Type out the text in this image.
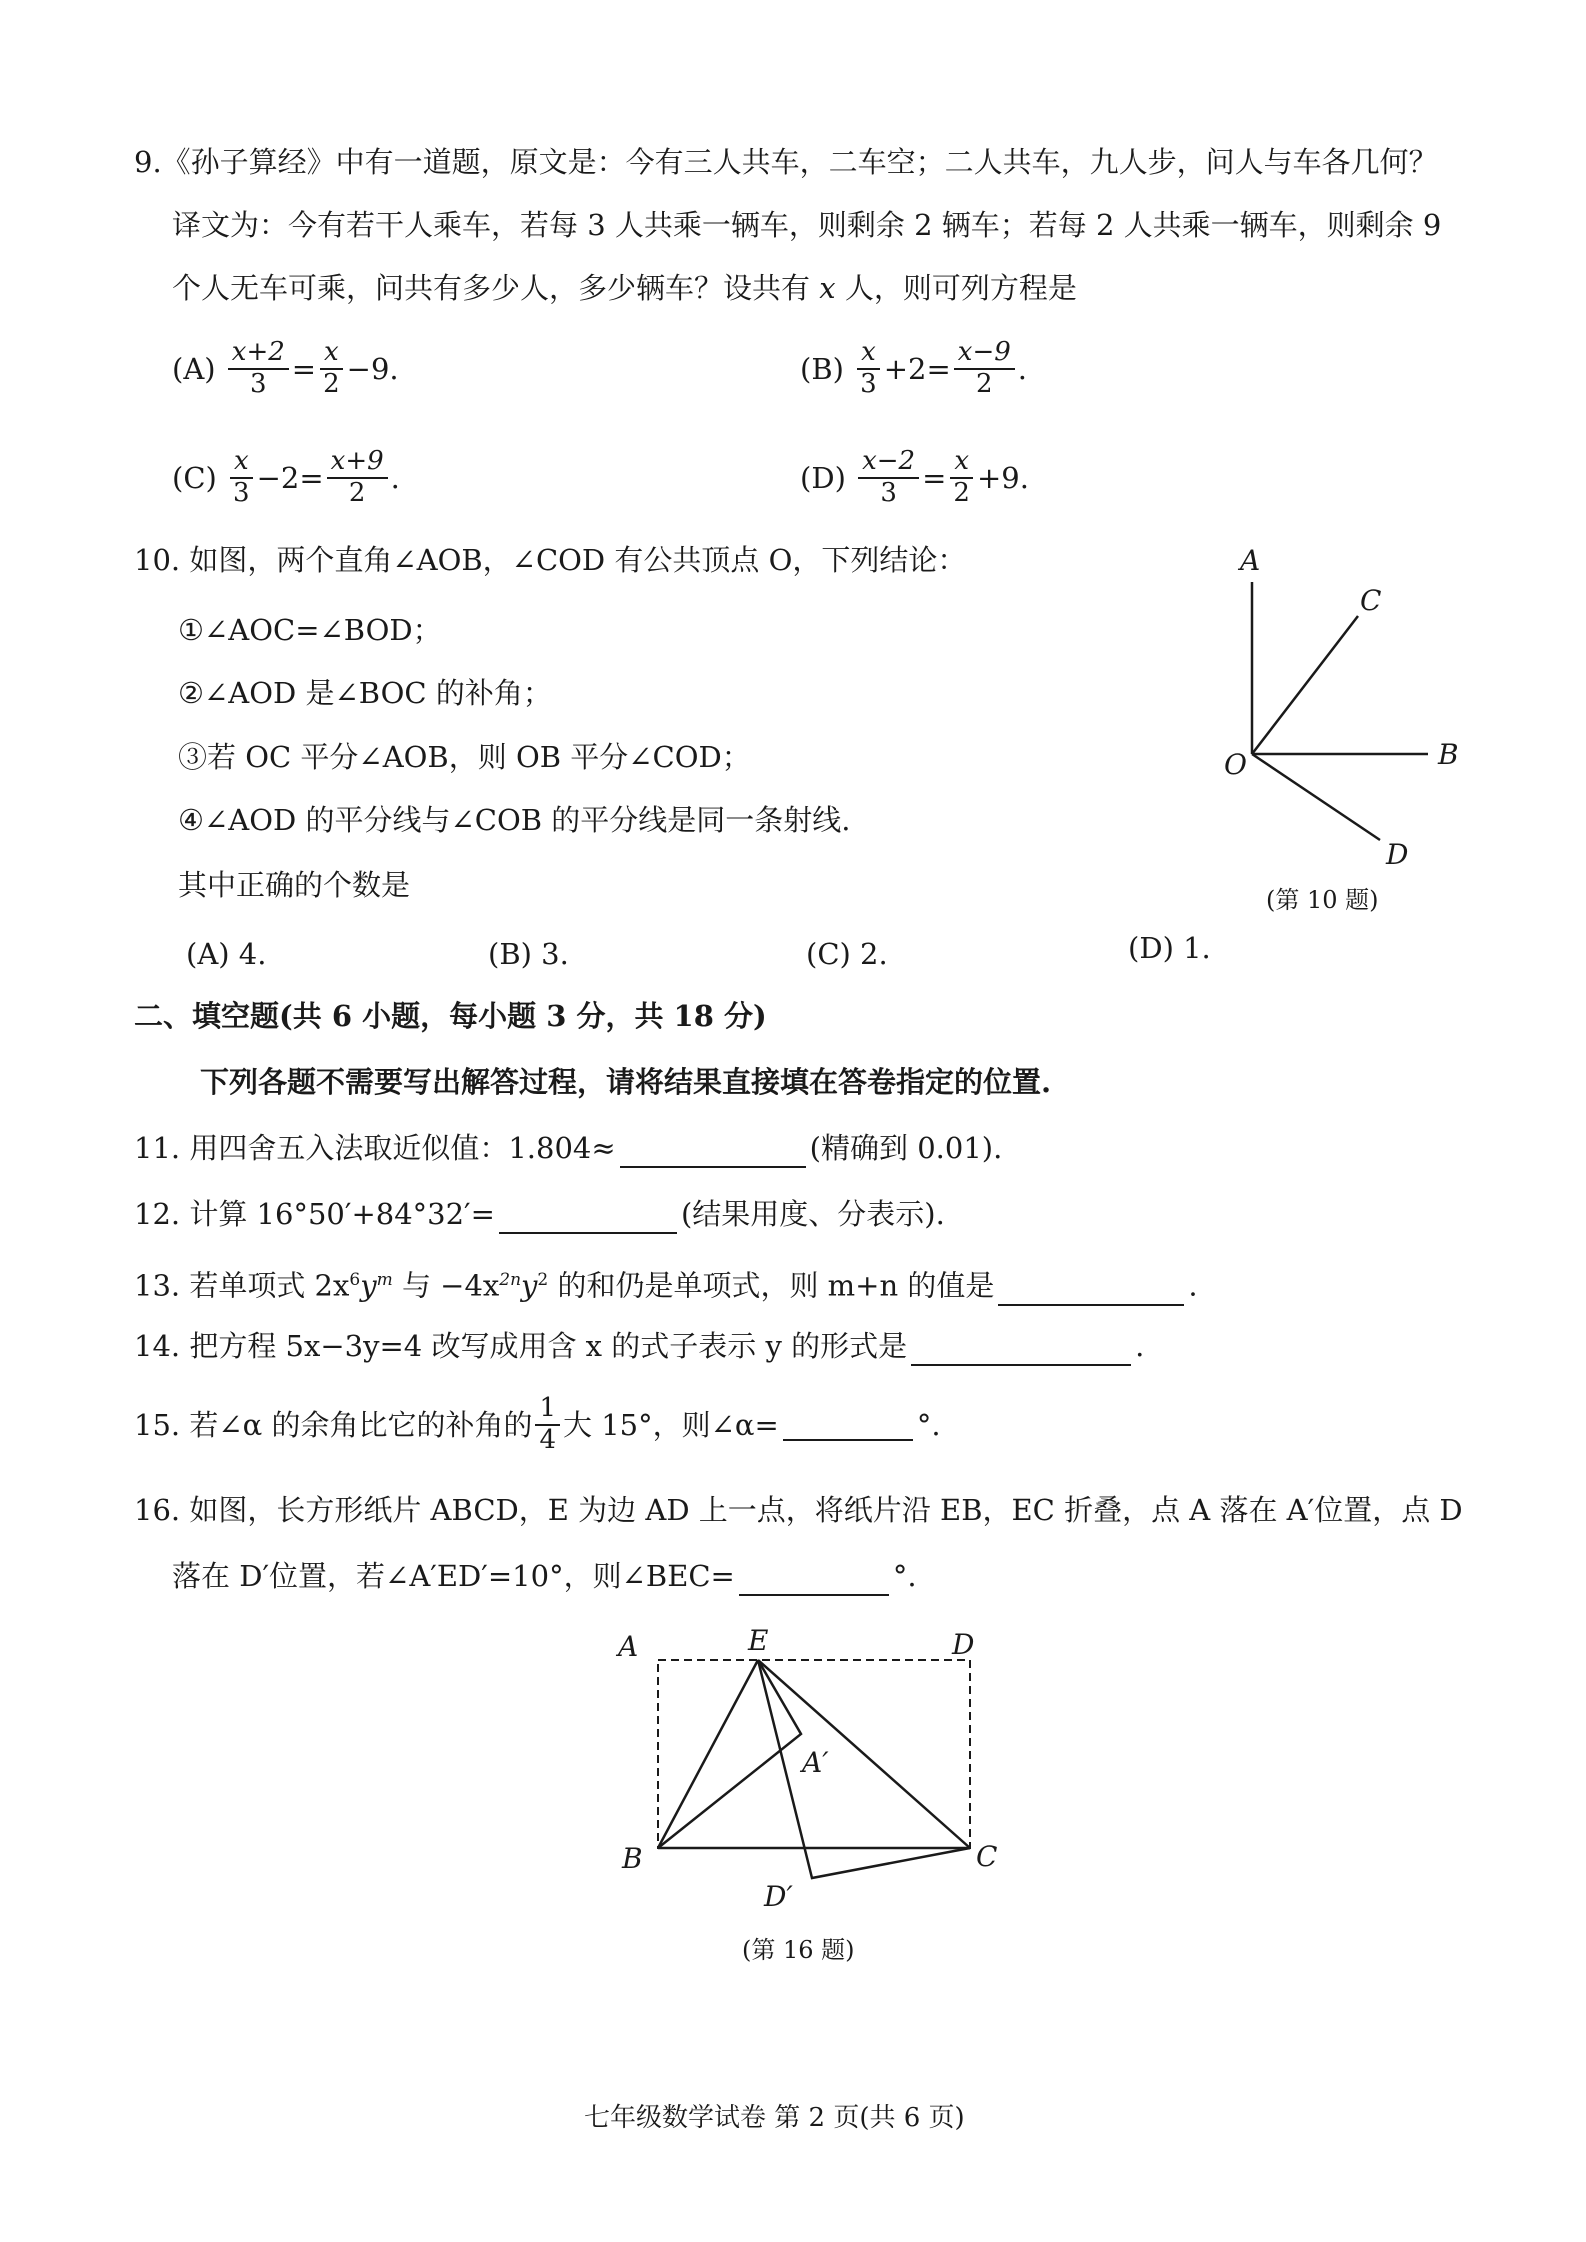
9.《孙子算经》中有一道题，原文是：今有三人共车，二车空；二人共车，九人步，问人与车各几何？
译文为：今有若干人乘车，若每 3 人共乘一辆车，则剩余 2 辆车；若每 2 人共乘一辆车，则剩余 9
个人无车可乘，问共有多少人，多少辆车？设共有 x 人，则可列方程是
(A)
$\frac{x+2}{3} = \frac{x}{2} -9$.	(B)
$\frac{x}{3} +2= \frac{x-9}{2}$ .
(C)
$\frac{x}{3} -2= \frac{x+9}{2}$ .	(D)
$\frac{x-2}{3} = \frac{x}{2} +9$.
10. 如图，两个直角∠AOB，∠COD 有公共顶点 O，下列结论：
①∠AOC=∠BOD；
②∠AOD 是∠BOC 的补角；
③若 OC 平分∠AOB，则 OB 平分∠COD；
④∠AOD 的平分线与∠COB 的平分线是同一条射线.
其中正确的个数是
(A) 4.	(B) 3.	(C) 2.	(D) 1.
A
C
B
D
O
(第 10 题)
二、填空题(共 6 小题，每小题 3 分，共 18 分)
下列各题不需要写出解答过程，请将结果直接填在答卷指定的位置.
11. 用四舍五入法取近似值：1.804≈	(精确到 0.01).
12. 计算 16°50′+84°32′=	(结果用度、分表示).
13. 若单项式 $2x^6y^m$ 与 $-4x^{2n}y^2$ 的和仍是单项式，则 m+n 的值是	.
14. 把方程 5x−3y=4 改写成用含 x 的式子表示 y 的形式是	.
15. 若∠α 的余角比它的补角的 $\frac{1}{4}$ 大 15°，则∠α=	°.
16. 如图，长方形纸片 ABCD，E 为边 AD 上一点，将纸片沿 EB，EC 折叠，点 A 落在 A′位置，点 D
落在 D′位置，若∠A′ED′=10°，则∠BEC=	°.
A	E	D
A′
B	C
D′
(第 16 题)
七年级数学试卷 第 2 页(共 6 页)
